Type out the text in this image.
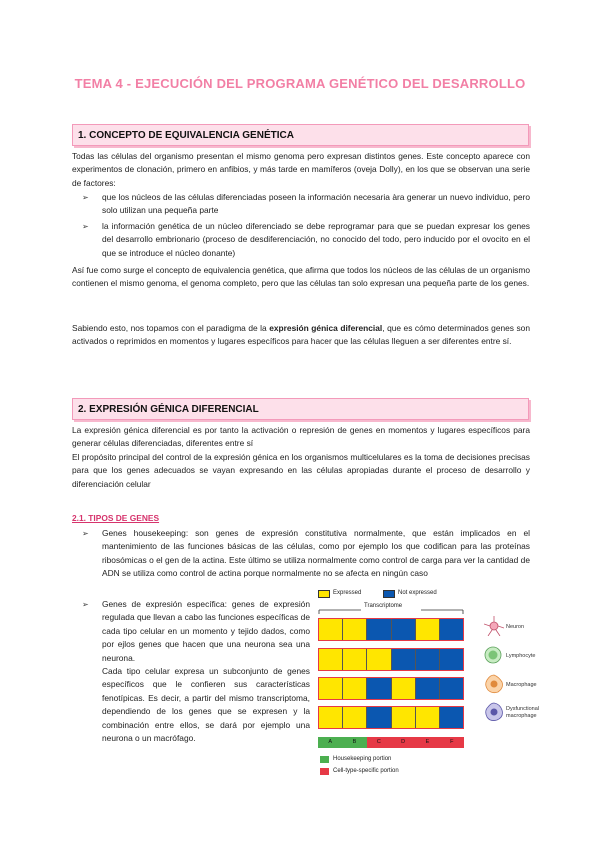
TEMA 4 - EJECUCIÓN DEL PROGRAMA GENÉTICO DEL DESARROLLO
1. CONCEPTO DE EQUIVALENCIA GENÉTICA

Todas las células del organismo presentan el mismo genoma pero expresan distintos genes. Este concepto aparece con experimentos de clonación, primero en anfibios, y más tarde en mamíferos (oveja Dolly), en los que se observan una serie de factores:

➢ que los núcleos de las células diferenciadas poseen la información necesaria àra generar un nuevo individuo, pero solo utilizan una pequeña parte
➢ la información genética de un núcleo diferenciado se debe reprogramar para que se puedan expresar los genes del desarrollo embrionario (proceso de desdiferenciación, no conocido del todo, pero inducido por el ovocito en el que se introduce el núcleo donante)

Así fue como surge el concepto de equivalencia genética, que afirma que todos los núcleos de las células de un organismo contienen el mismo genoma, el genoma completo, pero que las células tan solo expresan una pequeña parte de los genes.

Sabiendo esto, nos topamos con el paradigma de la expresión génica diferencial, que es cómo determinados genes son activados o reprimidos en momentos y lugares específicos para hacer que las células lleguen a ser diferentes entre sí.

2. EXPRESIÓN GÉNICA DIFERENCIAL

La expresión génica diferencial es por tanto la activación o represión de genes en momentos y lugares específicos para generar células diferenciadas, diferentes entre sí

El propósito principal del control de la expresión génica en los organismos multicelulares es la toma de decisiones precisas para que los genes adecuados se vayan expresando en las células apropiadas durante el proceso de desarrollo y diferenciación celular

2.1. TIPOS DE GENES
➢ Genes housekeeping: son genes de expresión constitutiva normalmente, que están implicados en el mantenimiento de las funciones básicas de las células, como por ejemplo los que codifican para las proteínas ribosómicas o el gen de la actina. Este último se utiliza normalmente como control de carga para ver la cantidad de ADN se utiliza como control de actina porque normalmente no se afecta en ningún caso
➢ Genes de expresión específica: genes de expresión regulada que llevan a cabo las funciones específicas de cada tipo celular en un momento y tejido dados, como por ejlos genes que hacen que una neurona sea una neurona.
Cada tipo celular expresa un subconjunto de genes específicos que le confieren sus características fenotípicas. Es decir, a partir del mismo transcriptoma, dependiendo de los genes que se expresen y la combinación entre ellos, se dará por ejemplo una neurona o un macrófago.
Expressed	Not expressed
Transcriptome
A	B	C	D	E	F
Neuron
Lymphocyte
Macrophage
Dysfunctional macrophage
Housekeeping portion
Cell-type-specific portion
